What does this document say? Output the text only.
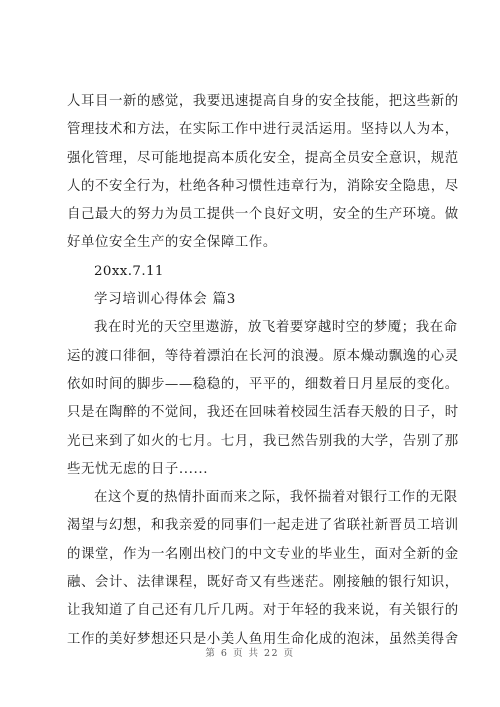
人耳目一新的感觉，我要迅速提高自身的安全技能，把这些新的
管理技术和方法，在实际工作中进行灵活运用。坚持以人为本，
强化管理，尽可能地提高本质化安全，提高全员安全意识，规范
人的不安全行为，杜绝各种习惯性违章行为，消除安全隐患，尽
自己最大的努力为员工提供一个良好文明，安全的生产环境。做
好单位安全生产的安全保障工作。
20xx.7.11
学习培训心得体会 篇3
我在时光的天空里遨游，放飞着要穿越时空的梦魇；我在命
运的渡口徘徊，等待着漂泊在长河的浪漫。原本燥动飘逸的心灵
依如时间的脚步——稳稳的，平平的，细数着日月星辰的变化。
只是在陶醉的不觉间，我还在回味着校园生活春天般的日子，时
光已来到了如火的七月。七月，我已然告别我的大学，告别了那
些无忧无虑的日子......
在这个夏的热情扑面而来之际，我怀揣着对银行工作的无限
渴望与幻想，和我亲爱的同事们一起走进了省联社新晋员工培训
的课堂，作为一名刚出校门的中文专业的毕业生，面对全新的金
融、会计、法律课程，既好奇又有些迷茫。刚接触的银行知识，
让我知道了自己还有几斤几两。对于年轻的我来说，有关银行的
工作的美好梦想还只是小美人鱼用生命化成的泡沫，虽然美得舍
第 6 页 共 22 页
